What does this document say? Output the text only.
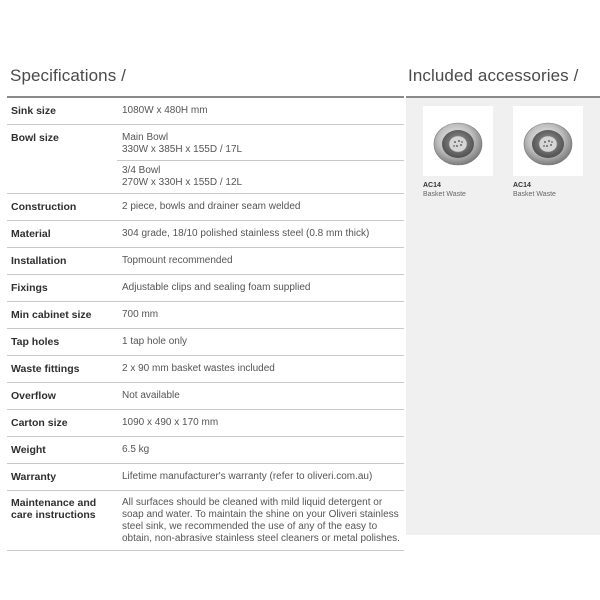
Specifications /	Included accessories /
Sink size	1080W x 480H mm
Bowl size	Main Bowl
330W x 385H x 155D / 17L
3/4 Bowl
270W x 330H x 155D / 12L

Construction	2 piece, bowls and drainer seam welded
Material	304 grade, 18/10 polished stainless steel (0.8 mm thick)
Installation	Topmount recommended
Fixings	Adjustable clips and sealing foam supplied
Min cabinet size	700 mm
Tap holes	1 tap hole only
Waste fittings	2 x 90 mm basket wastes included
Overflow	Not available
Carton size	1090 x 490 x 170 mm
Weight	6.5 kg
Warranty	Lifetime manufacturer's warranty (refer to oliveri.com.au)
Maintenance and care instructions	All surfaces should be cleaned with mild liquid detergent or soap and water. To maintain the shine on your Oliveri stainless steel sink, we recommended the use of any of the easy to obtain, non-abrasive stainless steel cleaners or metal polishes.
AC14
Basket Waste
AC14
Basket Waste
